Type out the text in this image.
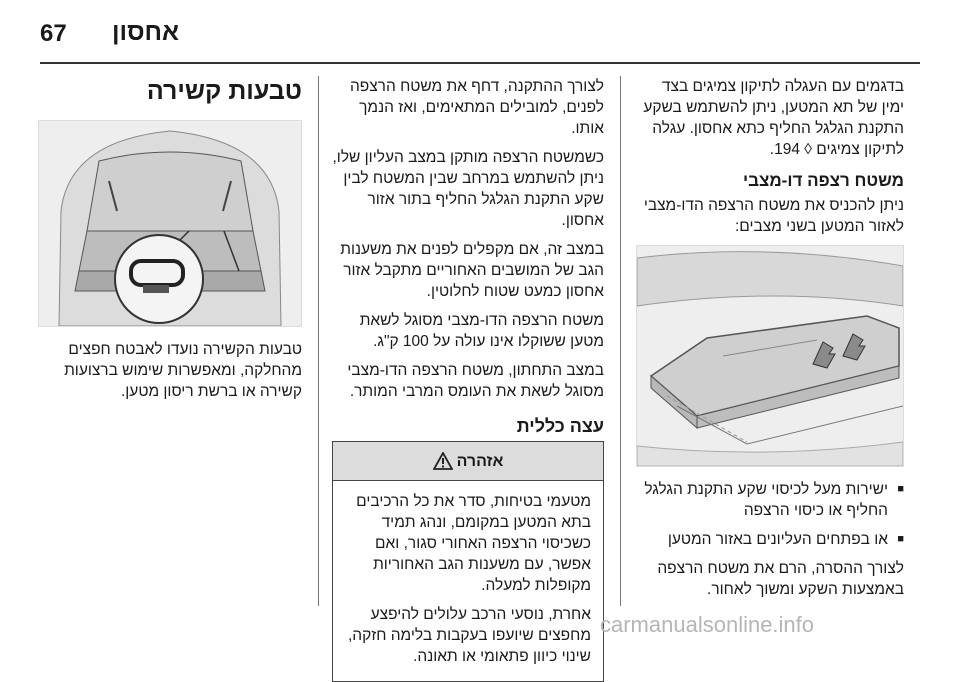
67 אחסון

בדגמים עם העגלה לתיקון צמיגים בצד ימין של תא המטען, ניתן להשתמש בשקע התקנת הגלגל החליף כתא אחסון. עגלה לתיקון צמיגים ◊ 194.

משטח רצפה דו-מצבי

ניתן להכניס את משטח הרצפה הדו-מצבי לאזור המטען בשני מצבים:

■
ישירות מעל לכיסוי שקע התקנת הגלגל החליף או כיסוי הרצפה
■
או בפתחים העליונים באזור המטען

לצורך ההסרה, הרם את משטח הרצפה באמצעות השקע ומשוך לאחור.

לצורך ההתקנה, דחף את משטח הרצפה לפנים, למובילים המתאימים, ואז הנמך אותו.

כשמשטח הרצפה מותקן במצב העליון שלו, ניתן להשתמש במרחב שבין המשטח לבין שקע התקנת הגלגל החליף בתור אזור אחסון.

במצב זה, אם מקפלים לפנים את משענות הגב של המושבים האחוריים מתקבל אזור אחסון כמעט שטוח לחלוטין.

משטח הרצפה הדו-מצבי מסוגל לשאת מטען ששוקלו אינו עולה על 100 ק"ג.

במצב התחתון, משטח הרצפה הדו-מצבי מסוגל לשאת את העומס המרבי המותר.

עצה כללית
אזהרה

מטעמי בטיחות, סדר את כל הרכיבים בתא המטען במקומם, ונהג תמיד כשכיסוי הרצפה האחורי סגור, ואם אפשר, עם משענות הגב האחוריות מקופלות למעלה.

אחרת, נוסעי הרכב עלולים להיפצע מחפצים שיועפו בעקבות בלימה חזקה, שינוי כיוון פתאומי או תאונה.

טבעות קשירה

טבעות הקשירה נועדו לאבטח חפצים מהחלקה, ומאפשרות שימוש ברצועות קשירה או ברשת ריסון מטען.

carmanualsonline.info
